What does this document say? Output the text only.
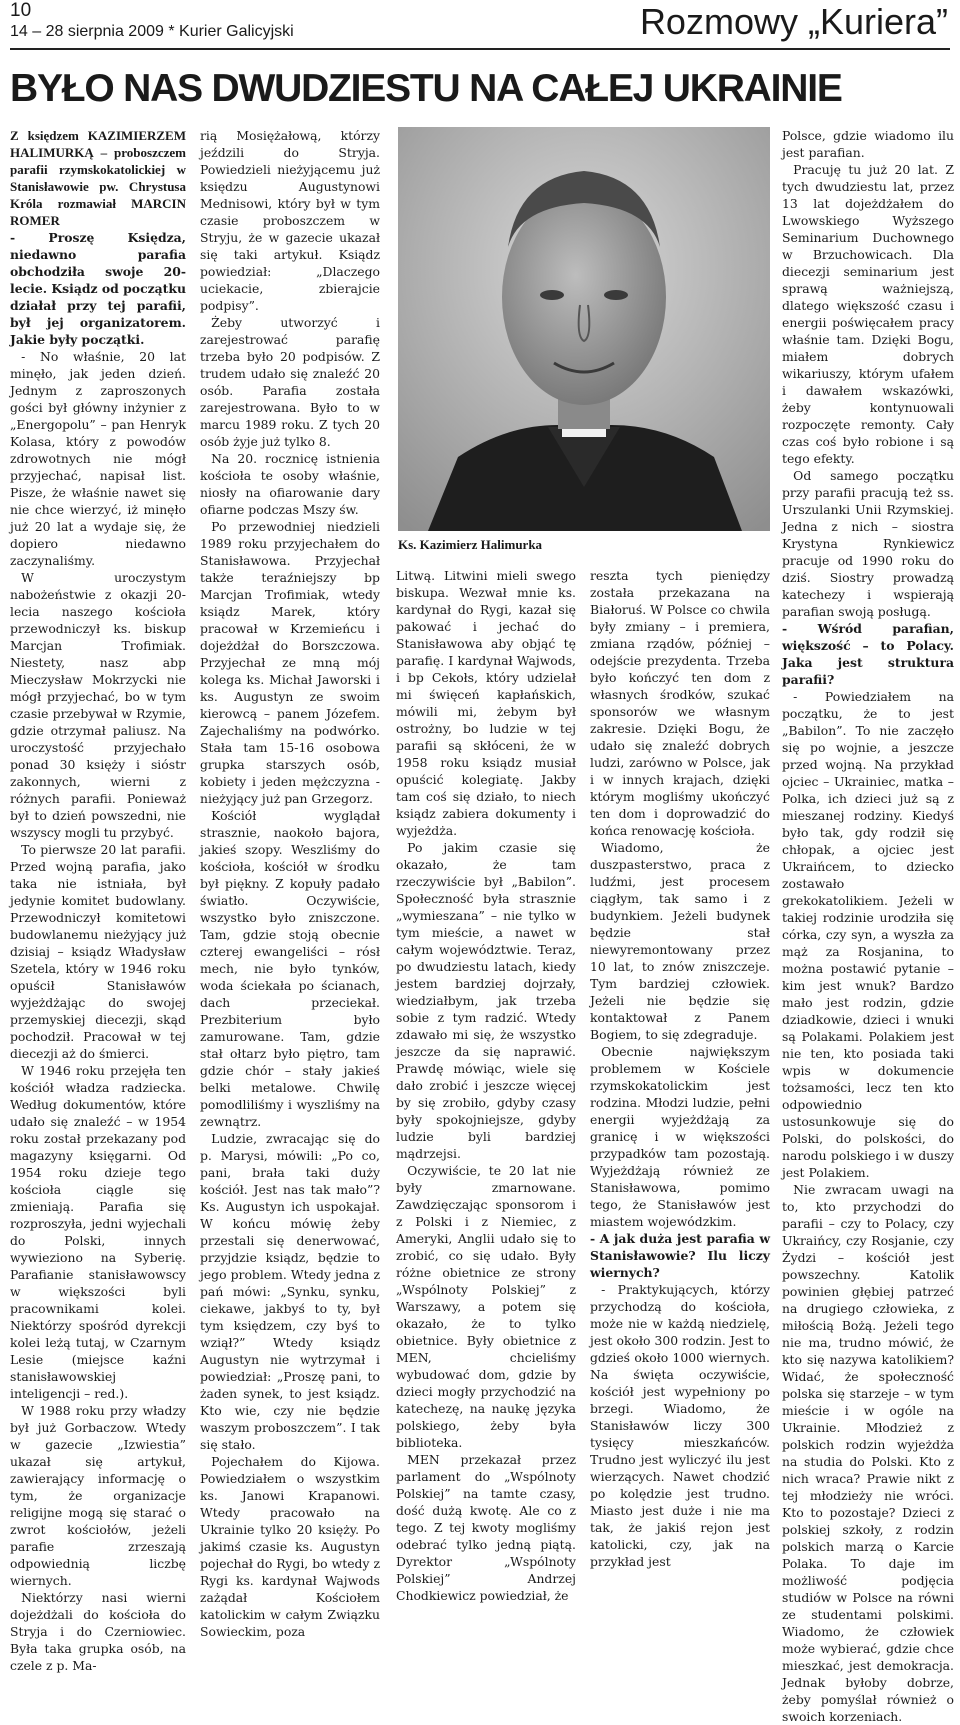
10
14 – 28 sierpnia 2009 * Kurier Galicyjski	Rozmowy „Kuriera”
BYŁO NAS DWUDZIESTU NA CAŁEJ UKRAINIE

Z księdzem KAZIMIERZEM HALIMURKĄ – proboszczem parafii rzymskokatolickiej w Stanisławowie pw. Chrystusa Króla rozmawiał MARCIN ROMER

- Proszę Księdza, niedawno parafia obchodziła swoje 20-lecie. Ksiądz od początku działał przy tej parafii, był jej organizatorem. Jakie były początki.

- No właśnie, 20 lat minęło, jak jeden dzień. Jednym z zaproszonych gości był główny inżynier z „Energopolu” – pan Henryk Kolasa, który z powodów zdrowotnych nie mógł przyjechać, napisał list. Pisze, że właśnie nawet się nie chce wierzyć, iż minęło już 20 lat a wydaje się, że dopiero niedawno zaczynaliśmy.

W uroczystym nabożeństwie z okazji 20-lecia naszego kościoła przewodniczył ks. biskup Marcjan Trofimiak. Niestety, nasz abp Mieczysław Mokrzycki nie mógł przyjechać, bo w tym czasie przebywał w Rzymie, gdzie otrzymał paliusz. Na uroczystość przyjechało ponad 30 księży i sióstr zakonnych, wierni z różnych parafii. Ponieważ był to dzień powszedni, nie wszyscy mogli tu przybyć.

To pierwsze 20 lat parafii. Przed wojną parafia, jako taka nie istniała, był jedynie komitet budowlany. Przewodniczył komitetowi budowlanemu nieżyjący już dzisiaj – ksiądz Władysław Szetela, który w 1946 roku opuścił Stanisławów wyjeżdżając do swojej przemyskiej diecezji, skąd pochodził. Pracował w tej diecezji aż do śmierci.

W 1946 roku przejęła ten kościół władza radziecka. Według dokumentów, które udało się znaleźć – w 1954 roku został przekazany pod magazyny księgarni. Od 1954 roku dzieje tego kościoła ciągle się zmieniają. Parafia się rozproszyła, jedni wyjechali do Polski, innych wywieziono na Syberię. Parafianie stanisławowscy w większości byli pracownikami kolei. Niektórzy spośród dyrekcji kolei leżą tutaj, w Czarnym Lesie (miejsce kaźni stanisławowskiej inteligencji – red.).

W 1988 roku przy władzy był już Gorbaczow. Wtedy w gazecie „Izwiestia” ukazał się artykuł, zawierający informację o tym, że organizacje religijne mogą się starać o zwrot kościołów, jeżeli parafie zrzeszają odpowiednią liczbę wiernych.

Niektórzy nasi wierni dojeżdżali do kościoła do Stryja i do Czerniowiec. Była taka grupka osób, na czele z p. Ma-

rią Mosiężałową, którzy jeździli do Stryja. Powiedzieli nieżyjącemu już księdzu Augustynowi Mednisowi, który był w tym czasie proboszczem w Stryju, że w gazecie ukazał się taki artykuł. Ksiądz powiedział: „Dlaczego uciekacie, zbierajcie podpisy”.

Żeby utworzyć i zarejestrować parafię trzeba było 20 podpisów. Z trudem udało się znaleźć 20 osób. Parafia została zarejestrowana. Było to w marcu 1989 roku. Z tych 20 osób żyje już tylko 8.

Na 20. rocznicę istnienia kościoła te osoby właśnie, niosły na ofiarowanie dary ofiarne podczas Mszy św.

Po przewodniej niedzieli 1989 roku przyjechałem do Stanisławowa. Przyjechał także teraźniejszy bp Marcjan Trofimiak, wtedy ksiądz Marek, który pracował w Krzemieńcu i dojeżdżał do Borszczowa. Przyjechał ze mną mój kolega ks. Michał Jaworski i ks. Augustyn ze swoim kierowcą – panem Józefem. Zajechaliśmy na podwórko. Stała tam 15-16 osobowa grupka starszych osób, kobiety i jeden mężczyzna - nieżyjący już pan Grzegorz.

Kościół wyglądał strasznie, naokoło bajora, jakieś szopy. Weszliśmy do kościoła, kościół w środku był piękny. Z kopuły padało światło. Oczywiście, wszystko było zniszczone. Tam, gdzie stoją obecnie czterej ewangeliści – rósł mech, nie było tynków, woda ściekała po ścianach, dach przeciekał. Prezbiterium było zamurowane. Tam, gdzie stał ołtarz było piętro, tam gdzie chór – stały jakieś belki metalowe. Chwilę pomodliliśmy i wyszliśmy na zewnątrz.

Ludzie, zwracając się do p. Marysi, mówili: „Po co, pani, brała taki duży kościół. Jest nas tak mało”? Ks. Augustyn ich uspokajał. W końcu mówię żeby przestali się denerwować, przyjdzie ksiądz, będzie to jego problem. Wtedy jedna z pań mówi: „Synku, synku, ciekawe, jakbyś to ty, był tym księdzem, czy byś to wziął?” Wtedy ksiądz Augustyn nie wytrzymał i powiedział: „Proszę pani, to żaden synek, to jest ksiądz. Kto wie, czy nie będzie waszym proboszczem”. I tak się stało.

Pojechałem do Kijowa. Powiedziałem o wszystkim ks. Janowi Krapanowi. Wtedy pracowało na Ukrainie tylko 20 księży. Po jakimś czasie ks. Augustyn pojechał do Rygi, bo wtedy z Rygi ks. kardynał Wajwods zażądał Kościołem katolickim w całym Związku Sowieckim, poza

Ks. Kazimierz Halimurka

Litwą. Litwini mieli swego biskupa. Wezwał mnie ks. kardynał do Rygi, kazał się pakować i jechać do Stanisławowa aby objąć tę parafię. I kardynał Wajwods, i bp Cekołs, który udzielał mi święceń kapłańskich, mówili mi, żebym był ostrożny, bo ludzie w tej parafii są skłóceni, że w 1958 roku ksiądz musiał opuścić kolegiatę. Jakby tam coś się działo, to niech ksiądz zabiera dokumenty i wyjeżdża.

Po jakim czasie się okazało, że tam rzeczywiście był „Babilon”. Społeczność była strasznie „wymieszana” – nie tylko w tym mieście, a nawet w całym województwie. Teraz, po dwudziestu latach, kiedy jestem bardziej dojrzały, wiedziałbym, jak trzeba sobie z tym radzić. Wtedy zdawało mi się, że wszystko jeszcze da się naprawić. Prawdę mówiąc, wiele się dało zrobić i jeszcze więcej by się zrobiło, gdyby czasy były spokojniejsze, gdyby ludzie byli bardziej mądrzejsi.

Oczywiście, te 20 lat nie były zmarnowane. Zawdzięczając sponsorom i z Polski i z Niemiec, z Ameryki, Anglii udało się to zrobić, co się udało. Były różne obietnice ze strony „Wspólnoty Polskiej” z Warszawy, a potem się okazało, że to tylko obietnice. Były obietnice z MEN, chcieliśmy wybudować dom, gdzie by dzieci mogły przychodzić na katechezę, na naukę języka polskiego, żeby była biblioteka.

MEN przekazał przez parlament do „Wspólnoty Polskiej” na tamte czasy, dość dużą kwotę. Ale co z tego. Z tej kwoty mogliśmy odebrać tylko jedną piątą. Dyrektor „Wspólnoty Polskiej” Andrzej Chodkiewicz powiedział, że

reszta tych pieniędzy została przekazana na Białoruś. W Polsce co chwila były zmiany – i premiera, zmiana rządów, później – odejście prezydenta. Trzeba było kończyć ten dom z własnych środków, szukać sponsorów we własnym zakresie. Dzięki Bogu, że udało się znaleźć dobrych ludzi, zarówno w Polsce, jak i w innych krajach, dzięki którym mogliśmy ukończyć ten dom i doprowadzić do końca renowację kościoła.

Wiadomo, że duszpasterstwo, praca z ludźmi, jest procesem ciągłym, tak samo i z budynkiem. Jeżeli budynek będzie stał niewyremontowany przez 10 lat, to znów zniszczeje. Tym bardziej człowiek. Jeżeli nie będzie się kontaktował z Panem Bogiem, to się zdegraduje.

Obecnie największym problemem w Kościele rzymskokatolickim jest rodzina. Młodzi ludzie, pełni energii wyjeżdżają za granicę i w większości przypadków tam pozostają. Wyjeżdżają również ze Stanisławowa, pomimo tego, że Stanisławów jest miastem wojewódzkim.

- A jak duża jest parafia w Stanisławowie? Ilu liczy wiernych?

- Praktykujących, którzy przychodzą do kościoła, może nie w każdą niedzielę, jest około 300 rodzin. Jest to gdzieś około 1000 wiernych. Na święta oczywiście, kościół jest wypełniony po brzegi. Wiadomo, że Stanisławów liczy 300 tysięcy mieszkańców. Trudno jest wyliczyć ilu jest wierzących. Nawet chodzić po kolędzie jest trudno. Miasto jest duże i nie ma tak, że jakiś rejon jest katolicki, czy, jak na przykład jest

Polsce, gdzie wiadomo ilu jest parafian.

Pracuję tu już 20 lat. Z tych dwudziestu lat, przez 13 lat dojeżdżałem do Lwowskiego Wyższego Seminarium Duchownego w Brzuchowicach. Dla diecezji seminarium jest sprawą ważniejszą, dlatego większość czasu i energii poświęcałem pracy właśnie tam. Dzięki Bogu, miałem dobrych wikariuszy, którym ufałem i dawałem wskazówki, żeby kontynuowali rozpoczęte remonty. Cały czas coś było robione i są tego efekty.

Od samego początku przy parafii pracują też ss. Urszulanki Unii Rzymskiej. Jedna z nich – siostra Krystyna Rynkiewicz pracuje od 1990 roku do dziś. Siostry prowadzą katechezy i wspierają parafian swoją posługą.

- Wśród parafian, większość – to Polacy. Jaka jest struktura parafii?

- Powiedziałem na początku, że to jest „Babilon”. To nie zaczęło się po wojnie, a jeszcze przed wojną. Na przykład ojciec – Ukrainiec, matka – Polka, ich dzieci już są z mieszanej rodziny. Kiedyś było tak, gdy rodził się chłopak, a ojciec jest Ukraińcem, to dziecko zostawało grekokatolikiem. Jeżeli w takiej rodzinie urodziła się córka, czy syn, a wyszła za mąż za Rosjanina, to można postawić pytanie – kim jest wnuk? Bardzo mało jest rodzin, gdzie dziadkowie, dzieci i wnuki są Polakami. Polakiem jest nie ten, kto posiada taki wpis w dokumencie tożsamości, lecz ten kto odpowiednio ustosunkowuje się do Polski, do polskości, do narodu polskiego i w duszy jest Polakiem.

Nie zwracam uwagi na to, kto przychodzi do parafii – czy to Polacy, czy Ukraińcy, czy Rosjanie, czy Żydzi – kościół jest powszechny. Katolik powinien głębiej patrzeć na drugiego człowieka, z miłością Bożą. Jeżeli tego nie ma, trudno mówić, że kto się nazywa katolikiem? Widać, że społeczność polska się starzeje – w tym mieście i w ogóle na Ukrainie. Młodzież z polskich rodzin wyjeżdża na studia do Polski. Kto z nich wraca? Prawie nikt z tej młodzieży nie wróci. Kto to pozostaje? Dzieci z polskiej szkoły, z rodzin polskich marzą o Karcie Polaka. To daje im możliwość podjęcia studiów w Polsce na równi ze studentami polskimi. Wiadomo, że człowiek może wybierać, gdzie chce mieszkać, jest demokracja. Jednak byłoby dobrze, żeby pomyślał również o swoich korzeniach.
